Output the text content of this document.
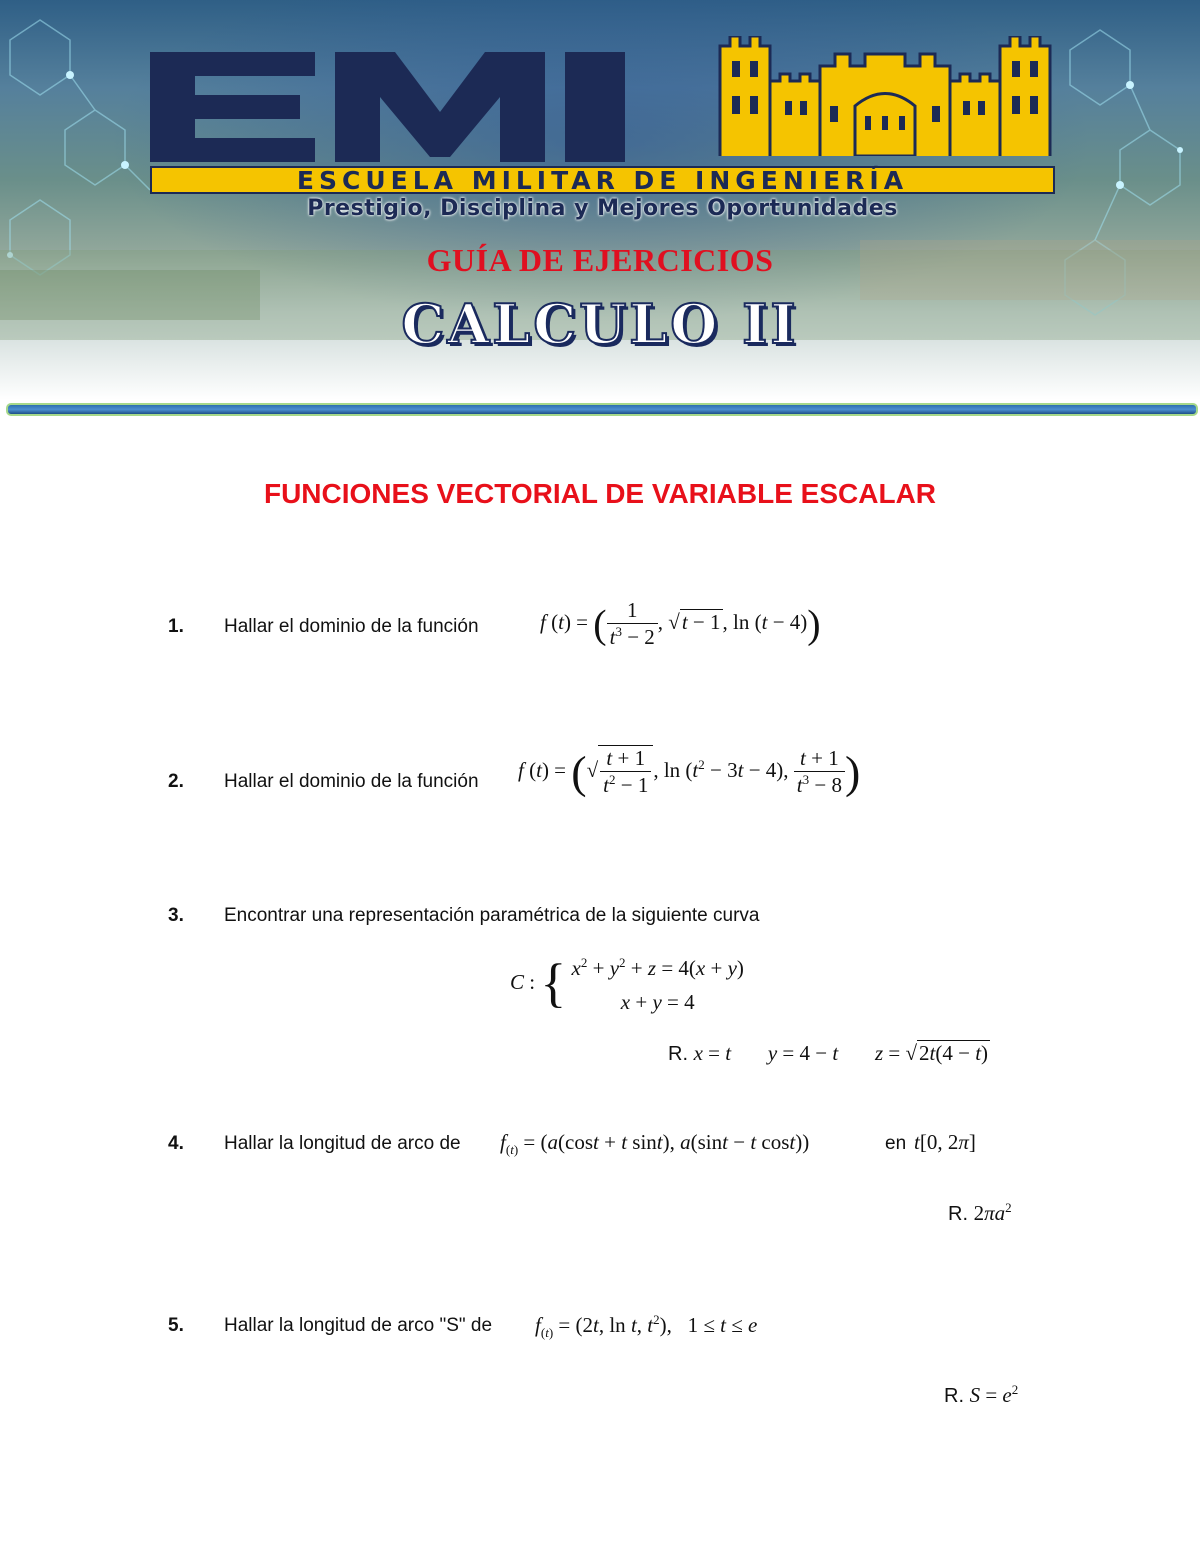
ESCUELA MILITAR DE INGENIERÍA
Prestigio, Disciplina y Mejores Oportunidades
GUÍA DE EJERCICIOS
CALCULO II
FUNCIONES VECTORIAL DE VARIABLE ESCALAR
1. Hallar el dominio de la función	f (t) = ( $\frac{1}{t^3 - 2}$ , √t − 1, ln (t − 4))
2. Hallar el dominio de la función f (t) = (√ $\frac{t + 1}{t^2 - 1}$ , $\ln (t^2 - 3t - 4)$, $\frac{t + 1}{t^3 - 8}$ )
3. Encontrar una representación paramétrica de la siguiente curva
C : { $x^2 + y^2 + z = 4(x + y)$
x + y = 4
R. x = t y = 4 − t z = √2t(4 − t)
4. Hallar la longitud de arco de $f_{(t)} = (a(\cos t + t$ sint), a(sint − t cost))	en t[0, 2π]
R. $2\pi a^2$
5. Hallar la longitud de arco "S" de $f_{(t)} = (2t$, ln t, $t^2$),   1 ≤ t ≤ e
R. $S = e^2$
